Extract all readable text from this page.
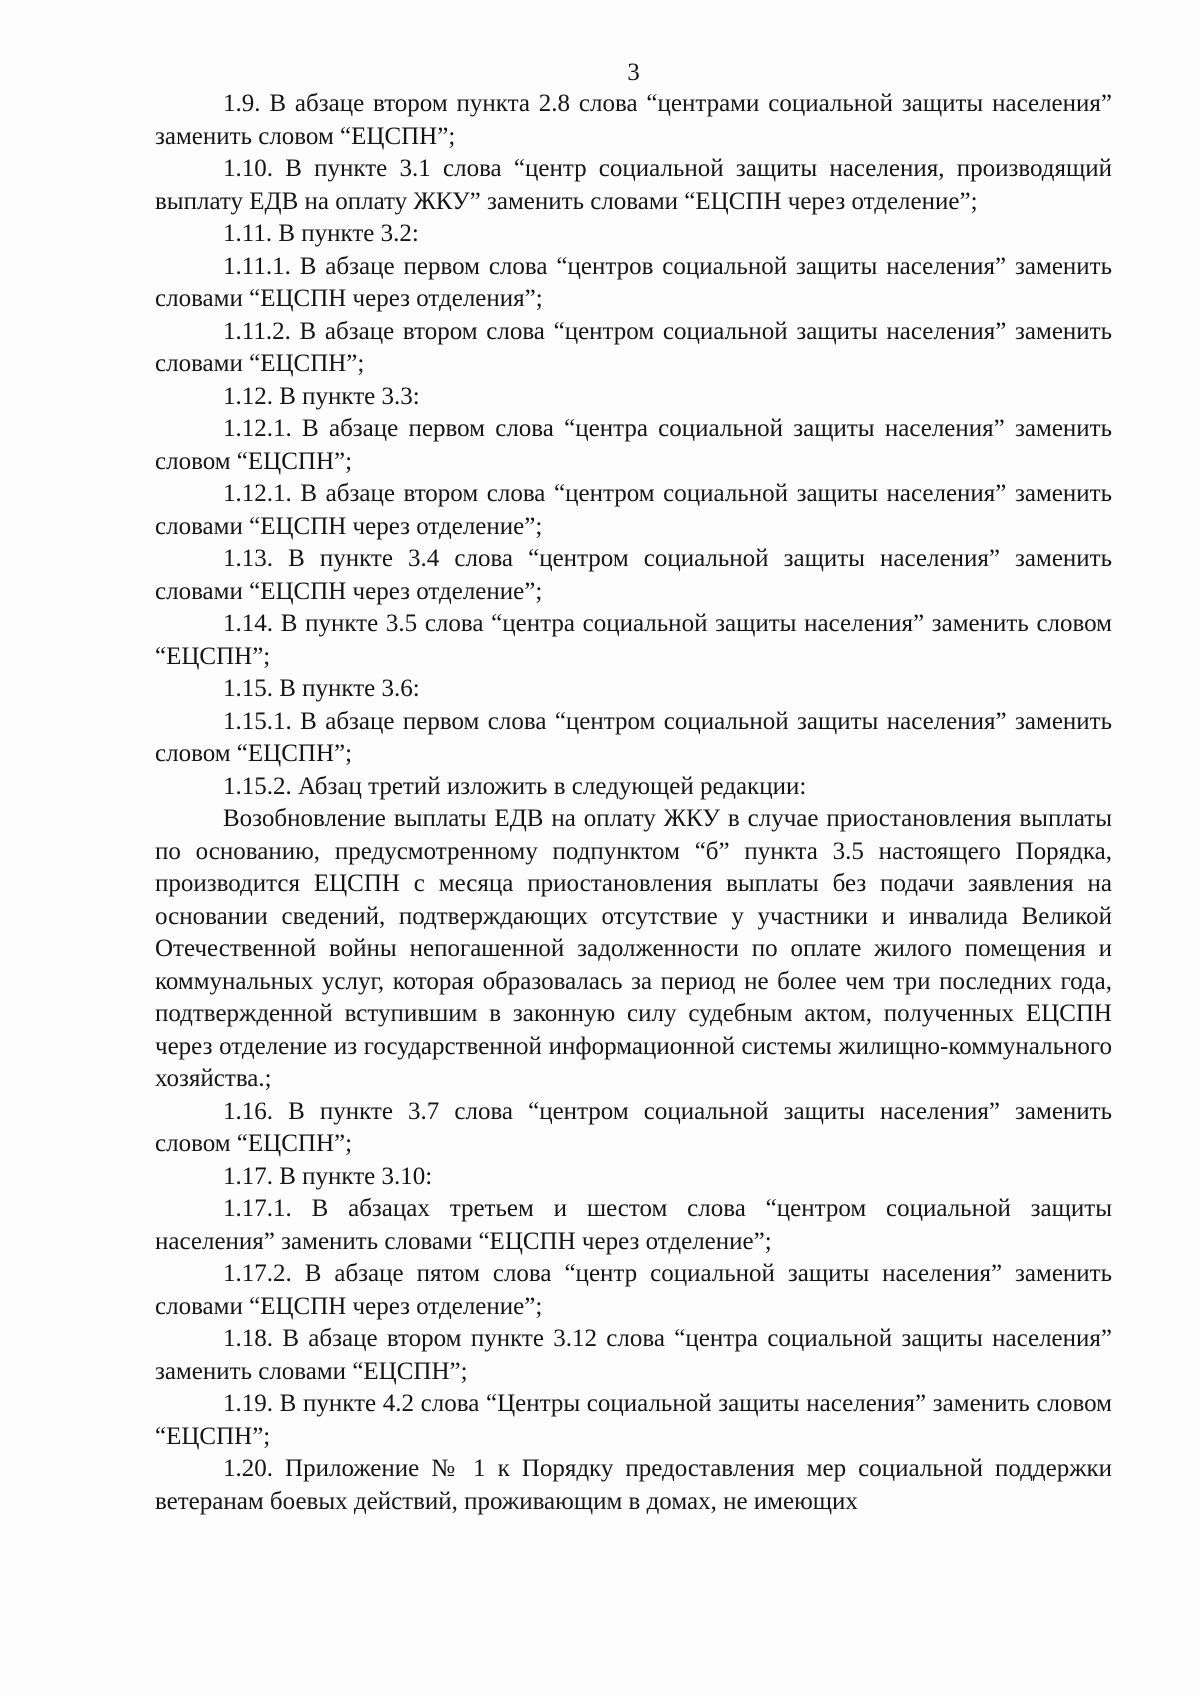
3

1.9. В абзаце втором пункта 2.8 слова “центрами социальной защиты населения” заменить словом “ЕЦСПН”;

1.10. В пункте 3.1 слова “центр социальной защиты населения, производящий выплату ЕДВ на оплату ЖКУ” заменить словами “ЕЦСПН через отделение”;

1.11. В пункте 3.2:

1.11.1. В абзаце первом слова “центров социальной защиты населения” заменить словами “ЕЦСПН через отделения”;

1.11.2. В абзаце втором слова “центром социальной защиты населения” заменить словами “ЕЦСПН”;

1.12. В пункте 3.3:

1.12.1. В абзаце первом слова “центра социальной защиты населения” заменить словом “ЕЦСПН”;

1.12.1. В абзаце втором слова “центром социальной защиты населения” заменить словами “ЕЦСПН через отделение”;

1.13. В пункте 3.4 слова “центром социальной защиты населения” заменить словами “ЕЦСПН через отделение”;

1.14. В пункте 3.5 слова “центра социальной защиты населения” заменить словом “ЕЦСПН”;

1.15. В пункте 3.6:

1.15.1. В абзаце первом слова “центром социальной защиты населения” заменить словом “ЕЦСПН”;

1.15.2. Абзац третий изложить в следующей редакции:

Возобновление выплаты ЕДВ на оплату ЖКУ в случае приостановления выплаты по основанию, предусмотренному подпунктом “б” пункта 3.5 настоящего Порядка, производится ЕЦСПН с месяца приостановления выплаты без подачи заявления на основании сведений, подтверждающих отсутствие у участники и инвалида Великой Отечественной войны непогашенной задолженности по оплате жилого помещения и коммунальных услуг, которая образовалась за период не более чем три последних года, подтвержденной вступившим в законную силу судебным актом, полученных ЕЦСПН через отделение из государственной информационной системы жилищно-коммунального хозяйства.;

1.16. В пункте 3.7 слова “центром социальной защиты населения” заменить словом “ЕЦСПН”;

1.17. В пункте 3.10:

1.17.1. В абзацах третьем и шестом слова “центром социальной защиты населения” заменить словами “ЕЦСПН через отделение”;

1.17.2. В абзаце пятом слова “центр социальной защиты населения” заменить словами “ЕЦСПН через отделение”;

1.18. В абзаце втором пункте 3.12 слова “центра социальной защиты населения” заменить словами “ЕЦСПН”;

1.19. В пункте 4.2 слова “Центры социальной защиты населения” заменить словом “ЕЦСПН”;

1.20. Приложение № 1 к Порядку предоставления мер социальной поддержки ветеранам боевых действий, проживающим в домах, не имеющих
